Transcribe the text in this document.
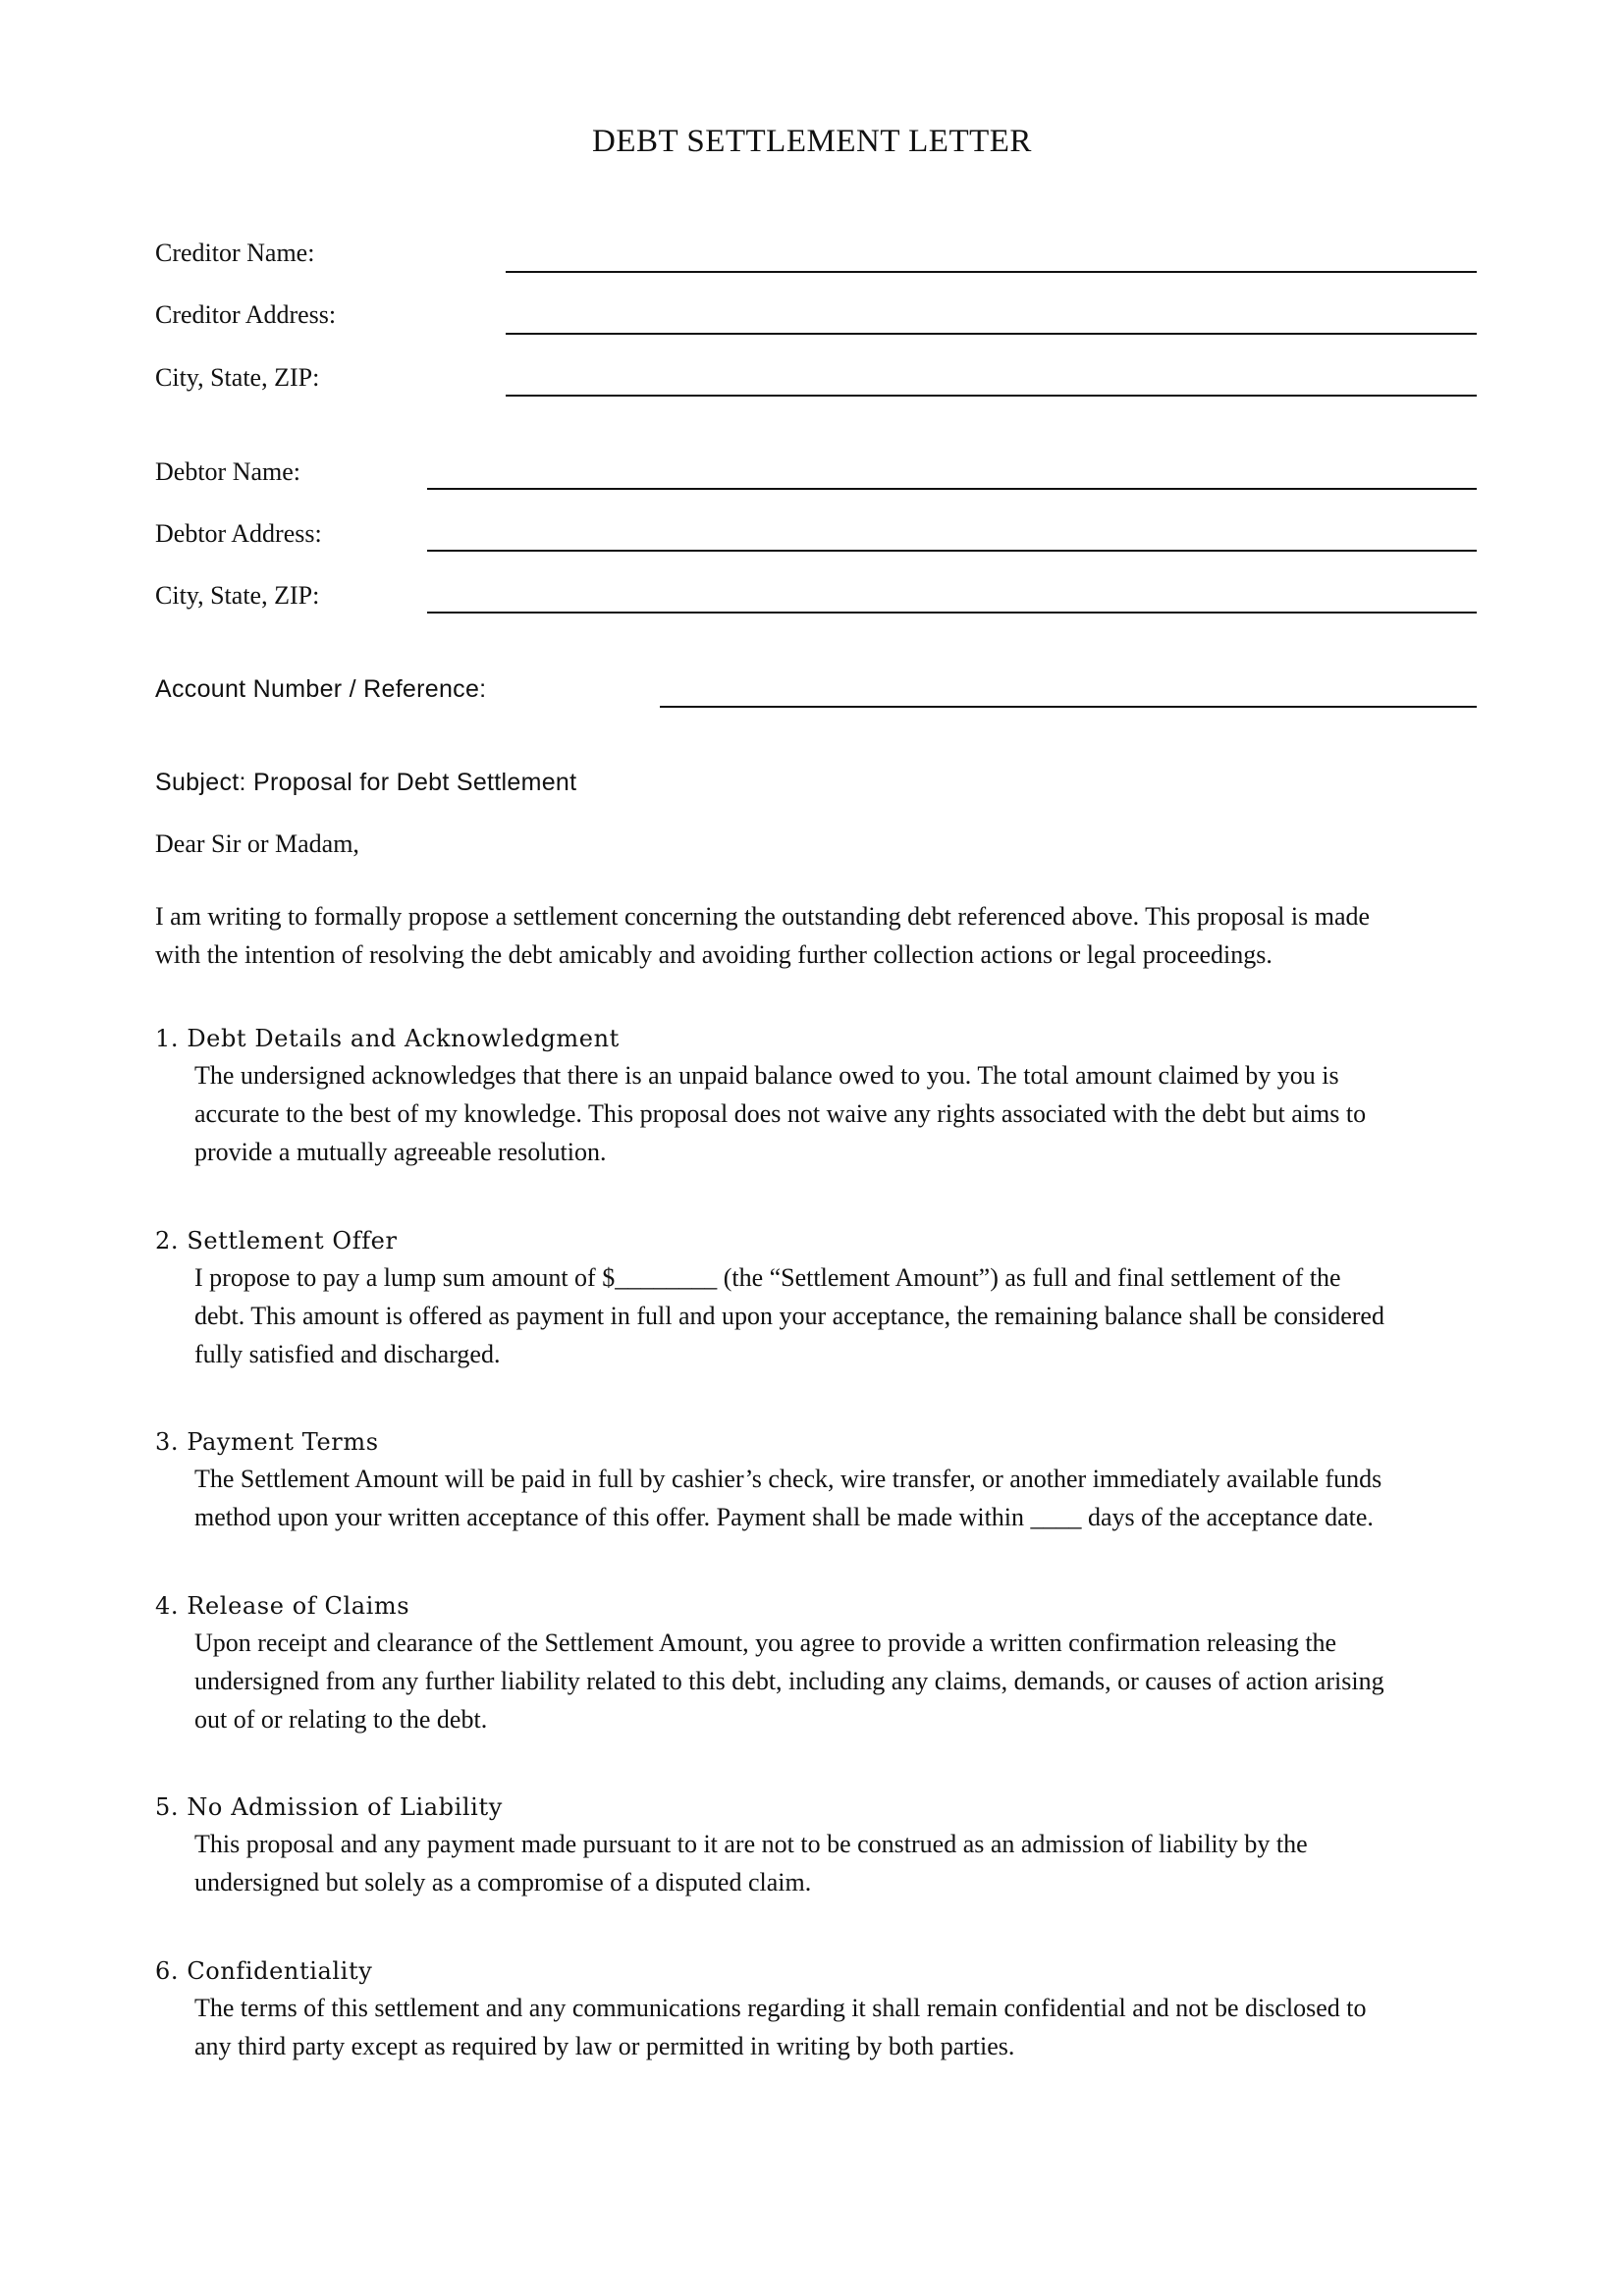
DEBT SETTLEMENT LETTER
Creditor Name:
Creditor Address:
City, State, ZIP:
Debtor Name:
Debtor Address:
City, State, ZIP:
Account Number / Reference:
Subject: Proposal for Debt Settlement
Dear Sir or Madam,

I am writing to formally propose a settlement concerning the outstanding debt referenced above. This proposal is made

with the intention of resolving the debt amicably and avoiding further collection actions or legal proceedings.

1. Debt Details and Acknowledgment

The undersigned acknowledges that there is an unpaid balance owed to you. The total amount claimed by you is

accurate to the best of my knowledge. This proposal does not waive any rights associated with the debt but aims to

provide a mutually agreeable resolution.

2. Settlement Offer

I propose to pay a lump sum amount of $________ (the “Settlement Amount”) as full and final settlement of the

debt. This amount is offered as payment in full and upon your acceptance, the remaining balance shall be considered

fully satisfied and discharged.

3. Payment Terms

The Settlement Amount will be paid in full by cashier’s check, wire transfer, or another immediately available funds

method upon your written acceptance of this offer. Payment shall be made within ____ days of the acceptance date.

4. Release of Claims

Upon receipt and clearance of the Settlement Amount, you agree to provide a written confirmation releasing the

undersigned from any further liability related to this debt, including any claims, demands, or causes of action arising

out of or relating to the debt.

5. No Admission of Liability

This proposal and any payment made pursuant to it are not to be construed as an admission of liability by the

undersigned but solely as a compromise of a disputed claim.

6. Confidentiality

The terms of this settlement and any communications regarding it shall remain confidential and not be disclosed to

any third party except as required by law or permitted in writing by both parties.
